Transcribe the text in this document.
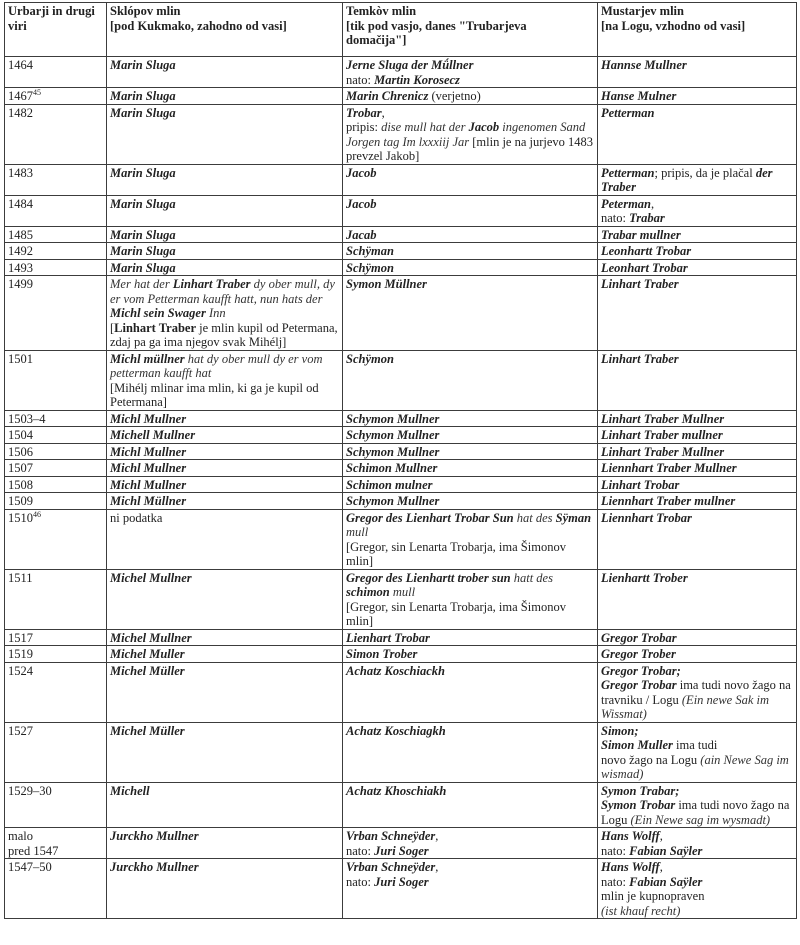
Urbarji in drugi
viri	Sklópov mlin
[pod Kukmako, zahodno od vasi]	Temkòv mlin
[tik pod vasjo, danes "Trubarjeva
domačija"]	Mustarjev mlin
[na Logu, vzhodno od vasi]

1464	Marin Sluga	Jerne Sluga der Mǘllner
nato: Martin Korosecz	Hannse Mullner
1467$^{45}$	Marin Sluga	Marin Chrenicz (verjetno)	Hanse Mulner
1482	Marin Sluga	Trobar,
pripis: dise mull hat der Jacob ingenomen Sand Jorgen tag Im lxxxiij Jar [mlin je na jurjevo 1483 prevzel Jakob]	Petterman
1483	Marin Sluga	Jacob	Petterman; pripis, da je plačal der Traber
1484	Marin Sluga	Jacob	Peterman,
nato: Trabar
1485	Marin Sluga	Jacab	Trabar mullner
1492	Marin Sluga	Schÿman	Leonhartt Trobar
1493	Marin Sluga	Schÿmon	Leonhart Trobar
1499	Mer hat der Linhart Traber dy ober mull, dy er vom Petterman kaufft hatt, nun hats der Michl sein Swager Inn
[Linhart Traber je mlin kupil od Petermana, zdaj pa ga ima njegov svak Mihélj]	Symon Müllner	Linhart Traber
1501	Michl müllner hat dy ober mull dy er vom petterman kaufft hat
[Mihélj mlinar ima mlin, ki ga je kupil od Petermana]	Schÿmon	Linhart Traber
1503–4	Michl Mullner	Schymon Mullner	Linhart Traber Mullner
1504	Michell Mullner	Schymon Mullner	Linhart Traber mullner
1506	Michl Mullner	Schymon Mullner	Linhart Traber Mullner
1507	Michl Mullner	Schimon Mullner	Liennhart Traber Mullner
1508	Michl Mullner	Schimon mulner	Linhart Trobar
1509	Michl Müllner	Schymon Mullner	Liennhart Traber mullner
1510$^{46}$	ni podatka	Gregor des Lienhart Trobar Sun hat des Sÿman mull
[Gregor, sin Lenarta Trobarja, ima Šimonov mlin]	Liennhart Trobar
1511	Michel Mullner	Gregor des Lienhartt trober sun hatt des schimon mull
[Gregor, sin Lenarta Trobarja, ima Šimonov mlin]	Lienhartt Trober
1517	Michel Mullner	Lienhart Trobar	Gregor Trobar
1519	Michel Muller	Simon Trober	Gregor Trober
1524	Michel Müller	Achatz Koschiackh	Gregor Trobar;
Gregor Trobar ima tudi novo žago na travniku / Logu (Ein newe Sak im Wissmat)
1527	Michel Müller	Achatz Koschiagkh	Simon;
Simon Muller ima tudi
novo žago na Logu (ain Newe Sag im wismad)
1529–30	Michell	Achatz Khoschiakh	Symon Trabar;
Symon Trobar ima tudi novo žago na Logu (Ein Newe sag im wysmadt)

malo
pred 1547	Jurckho Mullner	Vrban Schneÿder,
nato: Juri Soger	Hans Wolff,
nato: Fabian Saÿler
1547–50	Jurckho Mullner	Vrban Schneÿder,
nato: Juri Soger	Hans Wolff,
nato: Fabian Saÿler
mlin je kupnopraven
(ist khauf recht)
